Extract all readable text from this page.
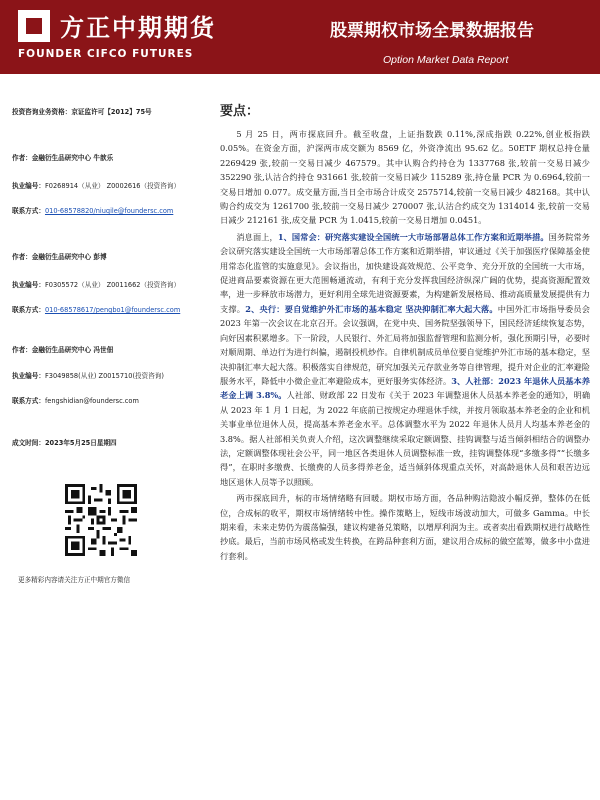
方正中期期货
FOUNDER CIFCO FUTURES
股票期权市场全景数据报告
Option Market Data Report
投资咨询业务资格：京证监许可【2012】75号
作者：金融衍生品研究中心 牛歆乐
执业编号：F0268914（从业） Z0002616（投资咨询）
联系方式：010-68578820/niuqile@foundersc.com
作者：金融衍生品研究中心 彭博
执业编号：F0305572（从业） Z0011662（投资咨询）
联系方式：010-68578617/pengbo1@foundersc.com
作者：金融衍生品研究中心 冯世佃
执业编号：F3049858(从业) Z0015710(投资咨询)
联系方式：fengshidian@foundersc.com
成文时间：2023年5月25日星期四
更多精彩内容请关注方正中期官方微信
要点：

5 月 25 日，两市探底回升。截至收盘，上证指数跌 0.11%,深成指跌 0.22%,创业板指跌 0.05%。在资金方面，沪深两市成交额为 8569 亿，外资净流出 95.62 亿。50ETF 期权总持仓量 2269429 张,较前一交易日减少 467579。其中认购合约持仓为 1337768 张,较前一交易日减少 352290 张,认沽合约持仓 931661 张,较前一交易日减少 115289 张,持仓量 PCR 为 0.6964,较前一交易日增加 0.077。成交量方面,当日全市场合计成交 2575714,较前一交易日减少 482168。其中认购合约成交为 1261700 张,较前一交易日减少 270007 张,认沽合约成交为 1314014 张,较前一交易日减少 212161 张,成交量 PCR 为 1.0415,较前一交易日增加 0.0451。

消息面上，1、国常会：研究落实建设全国统一大市场部署总体工作方案和近期举措。国务院常务会议研究落实建设全国统一大市场部署总体工作方案和近期举措，审议通过《关于加强医疗保障基金使用常态化监管的实施意见》。会议指出，加快建设高效规范、公平竞争、充分开放的全国统一大市场，促进商品要素资源在更大范围畅通流动，有利于充分发挥我国经济纵深广阔的优势，提高资源配置效率，进一步释放市场潜力，更好利用全球先进资源要素，为构建新发展格局、推动高质量发展提供有力支撑。2、央行：要自觉维护外汇市场的基本稳定 坚决抑制汇率大起大落。中国外汇市场指导委员会 2023 年第一次会议在北京召开。会议强调，在党中央、国务院坚强领导下，国民经济延续恢复态势，向好因素积累增多。下一阶段，人民银行、外汇局将加强监督管理和监测分析，强化预期引导，必要时对顺周期、单边行为进行纠偏，遏制投机炒作。自律机制成员单位要自觉维护外汇市场的基本稳定，坚决抑制汇率大起大落。积极落实自律规范，研究加强关元存款业务等自律管理，提升对企业的汇率避险服务水平，降低中小微企业汇率避险成本，更好服务实体经济。3、人社部：2023 年退休人员基本养老金上调 3.8%。人社部、财政部 22 日发布《关于 2023 年调整退休人员基本养老金的通知》，明确从 2023 年 1 月 1 日起，为 2022 年底前已按规定办理退休手续，并按月领取基本养老金的企业和机关事业单位退休人员，提高基本养老金水平。总体调整水平为 2022 年退休人员月人均基本养老金的 3.8%。据人社部相关负责人介绍，这次调整继续采取定额调整、挂钩调整与适当倾斜相结合的调整办法，定额调整体现社会公平，同一地区各类退休人员调整标准一致，挂钩调整体现“多缴多得”“长缴多得”，在职时多缴费、长缴费的人员多得养老金，适当倾斜体现重点关怀，对高龄退休人员和艰苦边远地区退休人员等予以照顾。

两市探底回升，标的市场情绪略有回暖。期权市场方面，各品种购沽隐波小幅反弹，整体仍在低位，合成标的收平，期权市场情绪转中性。操作策略上，短线市场波动加大，可做多 Gamma。中长期来看，未来走势仍为震荡偏强，建议构建备兑策略，以增厚利润为主。或者卖出看跌期权进行战略性抄底。最后，当前市场风格或发生转换，在跨品种套利方面，建议用合成标的做空蓝筹，做多中小盘进行套利。
